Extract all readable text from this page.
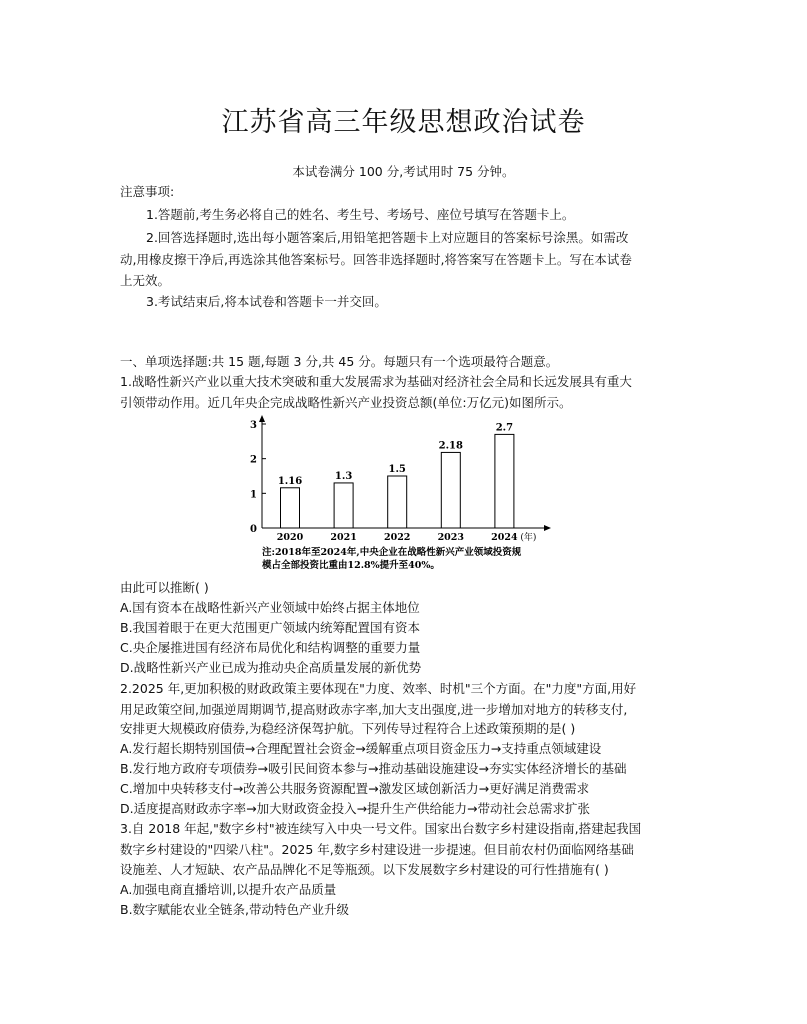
江苏省高三年级思想政治试卷
本试卷满分 100 分,考试用时 75 分钟。
注意事项:
1.答题前,考生务必将自己的姓名、考生号、考场号、座位号填写在答题卡上。
2.回答选择题时,选出每小题答案后,用铅笔把答题卡上对应题目的答案标号涂黑。如需改
动,用橡皮擦干净后,再选涂其他答案标号。回答非选择题时,将答案写在答题卡上。写在本试卷
上无效。
3.考试结束后,将本试卷和答题卡一并交回。
一、单项选择题:共 15 题,每题 3 分,共 45 分。每题只有一个选项最符合题意。
1.战略性新兴产业以重大技术突破和重大发展需求为基础对经济社会全局和长远发展具有重大
引领带动作用。近几年央企完成战略性新兴产业投资总额(单位:万亿元)如图所示。
0
1
2
3
1.16
2020
1.3
2021
1.5
2022
2.18
2023
2.7
2024 (年)
注:2018年至2024年,中央企业在战略性新兴产业领域投资规
模占全部投资比重由12.8%提升至40%。
由此可以推断( )
A.国有资本在战略性新兴产业领域中始终占据主体地位
B.我国着眼于在更大范围更广领域内统筹配置国有资本
C.央企屡推进国有经济布局优化和结构调整的重要力量
D.战略性新兴产业已成为推动央企高质量发展的新优势
2.2025 年,更加积极的财政政策主要体现在"力度、效率、时机"三个方面。在"力度"方面,用好
用足政策空间,加强逆周期调节,提高财政赤字率,加大支出强度,进一步增加对地方的转移支付,
安排更大规模政府债券,为稳经济保驾护航。下列传导过程符合上述政策预期的是( )
A.发行超长期特别国债→合理配置社会资金→缓解重点项目资金压力→支持重点领域建设
B.发行地方政府专项债券→吸引民间资本参与→推动基础设施建设→夯实实体经济增长的基础
C.增加中央转移支付→改善公共服务资源配置→激发区域创新活力→更好满足消费需求
D.适度提高财政赤字率→加大财政资金投入→提升生产供给能力→带动社会总需求扩张
3.自 2018 年起,"数字乡村"被连续写入中央一号文件。国家出台数字乡村建设指南,搭建起我国
数字乡村建设的"四梁八柱"。2025 年,数字乡村建设进一步提速。但目前农村仍面临网络基础
设施差、人才短缺、农产品品牌化不足等瓶颈。以下发展数字乡村建设的可行性措施有( )
A.加强电商直播培训,以提升农产品质量
B.数字赋能农业全链条,带动特色产业升级
